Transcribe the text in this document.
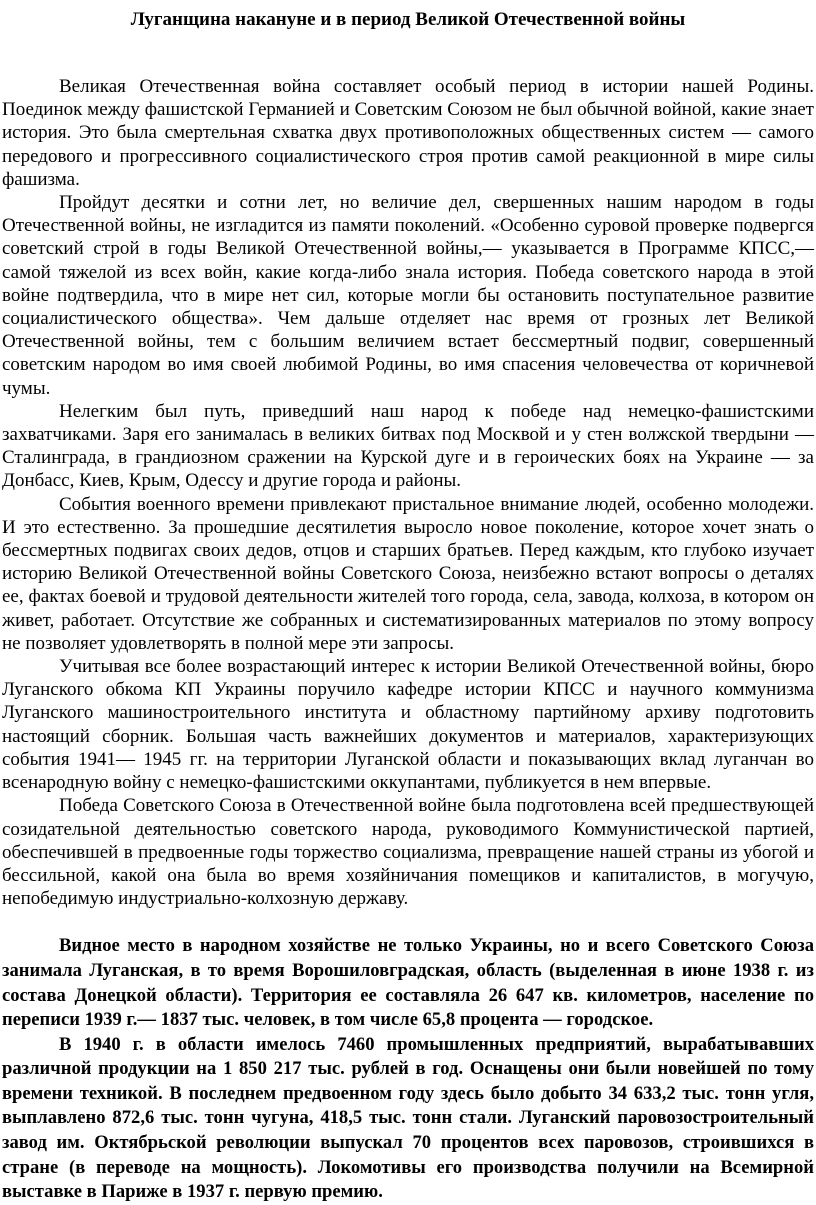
Луганщина накануне и в период Великой Отечественной войны

Великая Отечественная война составляет особый период в истории нашей Родины. Поединок между фашистской Германией и Советским Союзом не был обычной войной, какие знает история. Это была смертельная схватка двух противоположных общественных систем — самого передового и прогрессивного социалистического строя против самой реакционной в мире силы фашизма.

Пройдут десятки и сотни лет, но величие дел, свершенных нашим народом в годы Отечественной войны, не изгладится из памяти поколений. «Особенно суровой проверке подвергся советский строй в годы Великой Отечественной войны,— указывается в Программе КПСС,— самой тяжелой из всех войн, какие когда-либо знала история. Победа советского народа в этой войне подтвердила, что в мире нет сил, которые могли бы остановить поступательное развитие социалистического общества». Чем дальше отделяет нас время от грозных лет Великой Отечественной войны, тем с большим величием встает бессмертный подвиг, совершенный советским народом во имя своей любимой Родины, во имя спасения человечества от коричневой чумы.

Нелегким был путь, приведший наш народ к победе над немецко-фашистскими захватчиками. Заря его занималась в великих битвах под Москвой и у стен волжской твердыни — Сталинграда, в грандиозном сражении на Курской дуге и в героических боях на Украине — за Донбасс, Киев, Крым, Одессу и другие города и районы.

События военного времени привлекают пристальное внимание людей, особенно молодежи. И это естественно. За прошедшие десятилетия выросло новое поколение, которое хочет знать о бессмертных подвигах своих дедов, отцов и старших братьев. Перед каждым, кто глубоко изучает историю Великой Отечественной войны Советского Союза, неизбежно встают вопросы о деталях ее, фактах боевой и трудовой деятельности жителей того города, села, завода, колхоза, в котором он живет, работает. Отсутствие же собранных и систематизированных материалов по этому вопросу не позволяет удовлетворять в полной мере эти запросы.

Учитывая все более возрастающий интерес к истории Великой Отечественной войны, бюро Луганского обкома КП Украины поручило кафедре истории КПСС и научного коммунизма Луганского машиностроительного института и областному партийному архиву подготовить настоящий сборник. Большая часть важнейших документов и материалов, характеризующих события 1941— 1945 гг. на территории Луганской области и показывающих вклад луганчан во всенародную войну с немецко-фашистскими оккупантами, публикуется в нем впервые.

Победа Советского Союза в Отечественной войне была подготовлена всей предшествующей созидательной деятельностью советского народа, руководимого Коммунистической партией, обеспечившей в предвоенные годы торжество социализма, превращение нашей страны из убогой и бессильной, какой она была во время хозяйничания помещиков и капиталистов, в могучую, непобедимую индустриально-колхозную державу.

Видное место в народном хозяйстве не только Украины, но и всего Советского Союза занимала Луганская, в то время Ворошиловградская, область (выделенная в июне 1938 г. из состава Донецкой области). Территория ее составляла 26 647 кв. километров, население по переписи 1939 г.— 1837 тыс. человек, в том числе 65,8 процента — городское.

В 1940 г. в области имелось 7460 промышленных предприятий, вырабатывавших различной продукции на 1 850 217 тыс. рублей в год. Оснащены они были новейшей по тому времени техникой. В последнем предвоенном году здесь было добыто 34 633,2 тыс. тонн угля, выплавлено 872,6 тыс. тонн чугуна, 418,5 тыс. тонн стали. Луганский паровозостроительный завод им. Октябрьской революции выпускал 70 процентов всех паровозов, строившихся в стране (в переводе на мощность). Локомотивы его производства получили на Всемирной выставке в Париже в 1937 г. первую премию.
